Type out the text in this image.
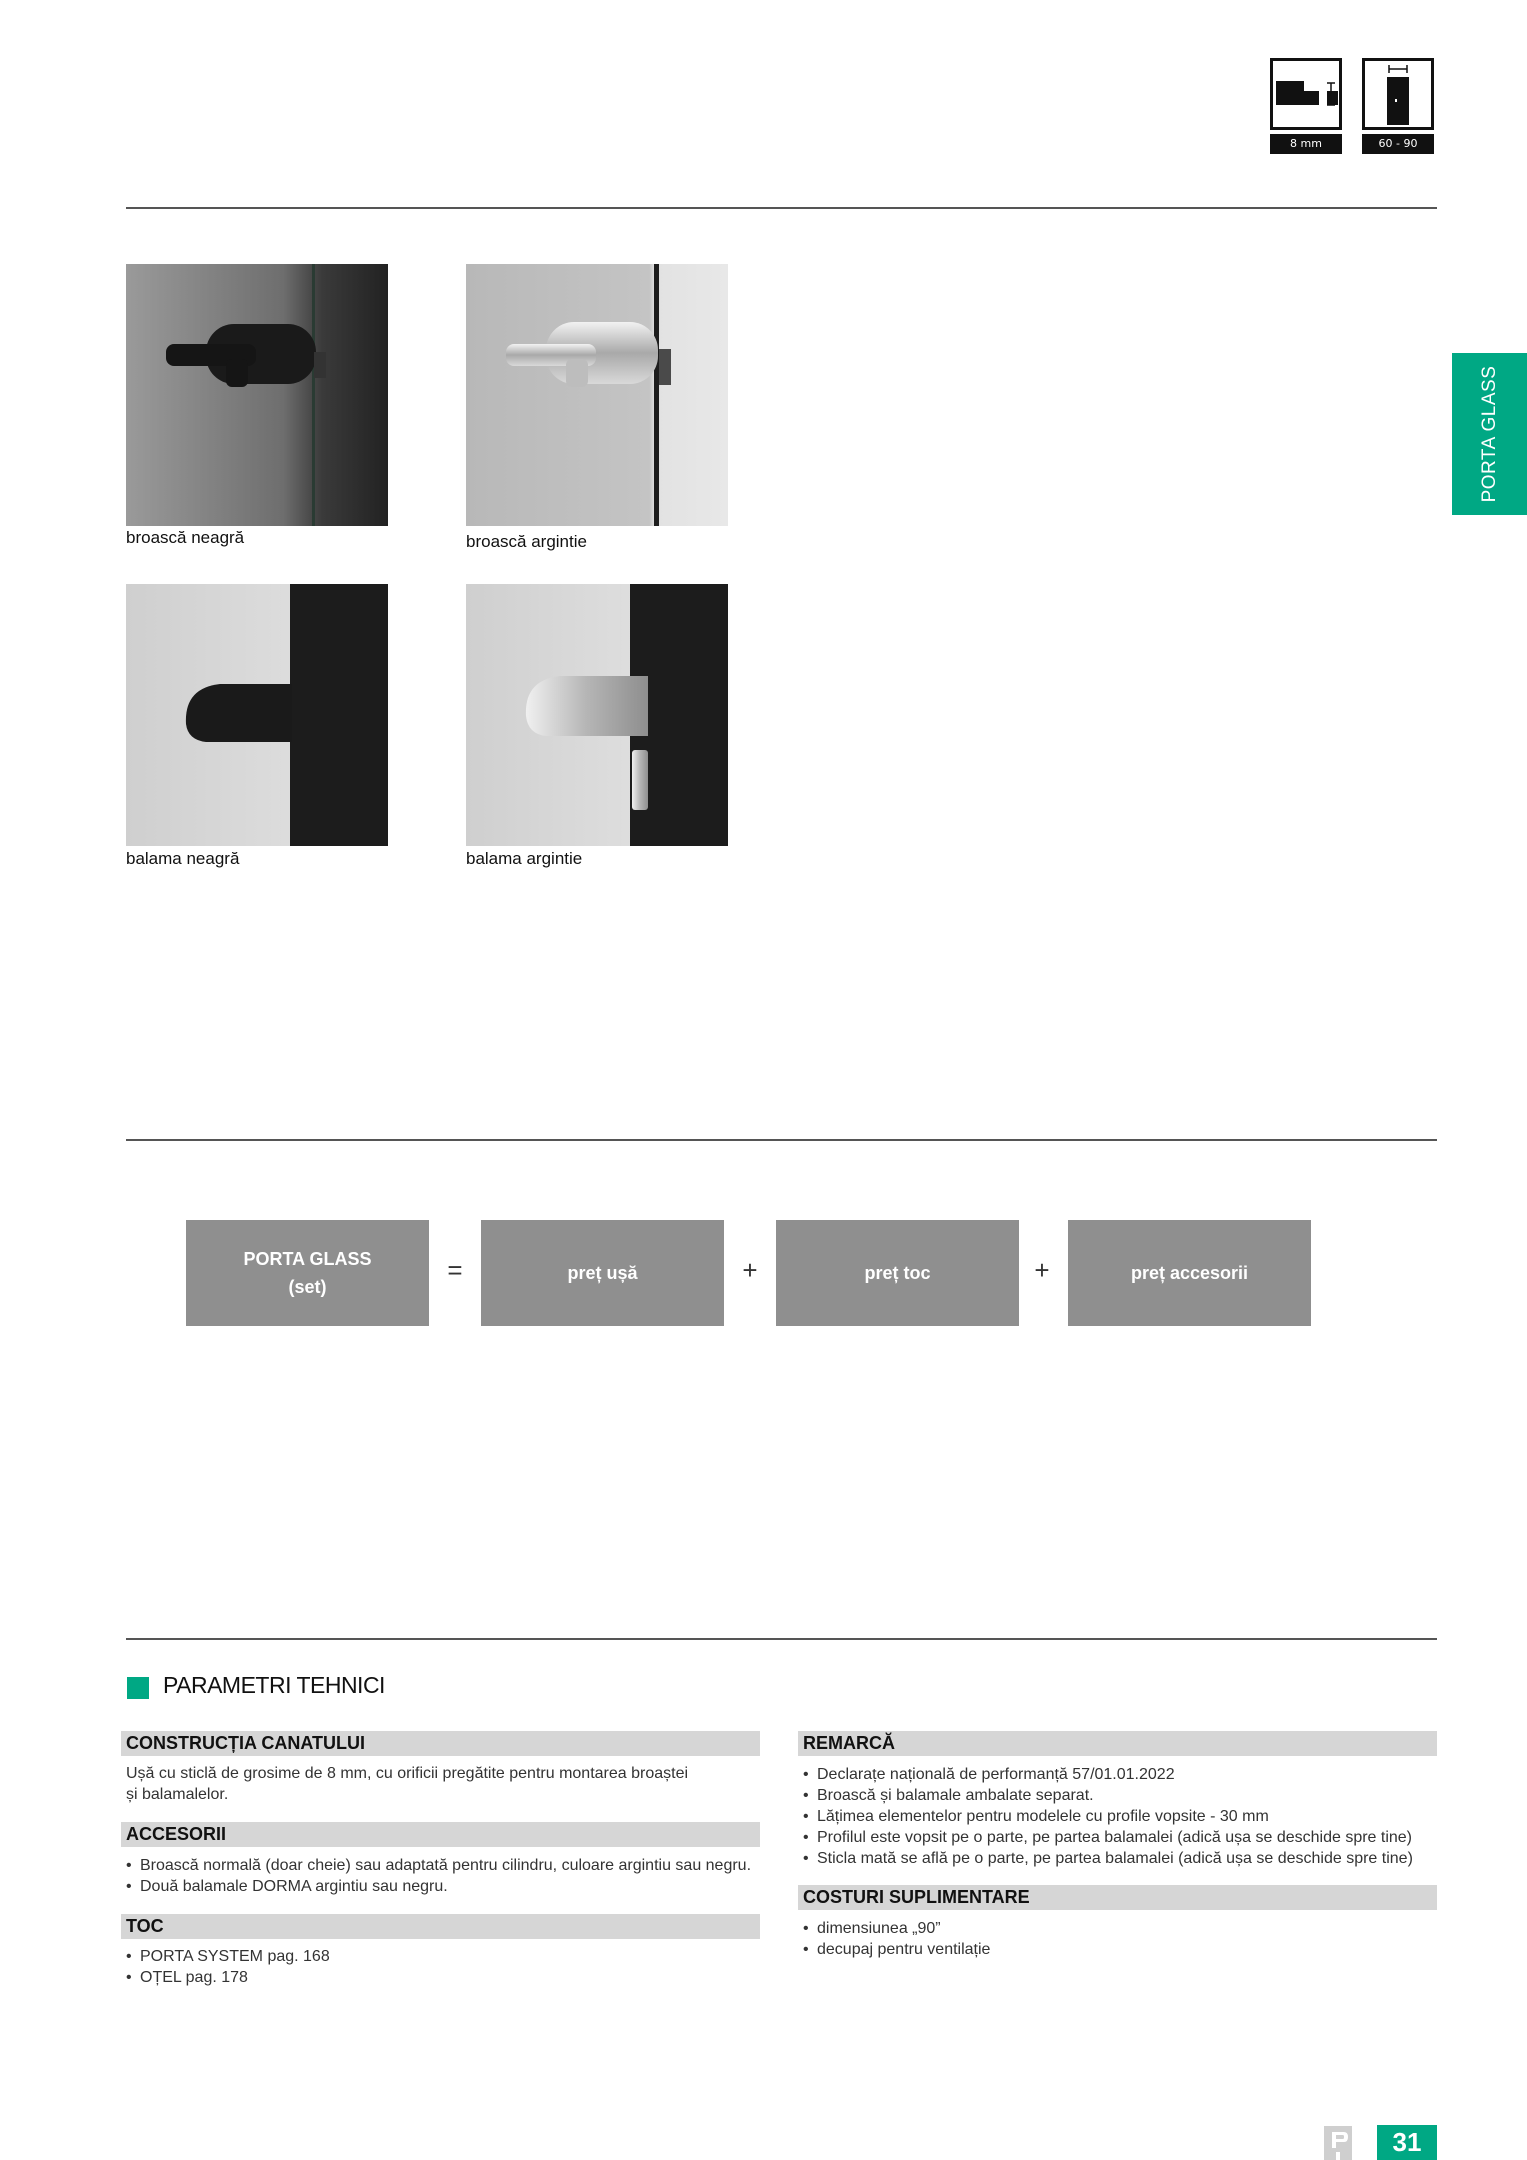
8 mm	60 - 90
PORTA GLASS
broască neagră	broască argintie
balama neagră	balama argintie
PORTA GLASS
(set)
=	preț ușă	+	preț toc	+	preț accesorii
PARAMETRI TEHNICI
CONSTRUCȚIA CANATULUI
Ușă cu sticlă de grosime de 8 mm, cu orificii pregătite pentru montarea broaștei
și balamalelor.
ACCESORII
• Broască normală (doar cheie) sau adaptată pentru cilindru, culoare argintiu sau negru.
• Două balamale DORMA argintiu sau negru.
TOC
• PORTA SYSTEM pag. 168
• OȚEL pag. 178
REMARCĂ
• Declarațe națională de performanță 57/01.01.2022
• Broască și balamale ambalate separat.
• Lățimea elementelor pentru modelele cu profile vopsite - 30 mm
• Profilul este vopsit pe o parte, pe partea balamalei (adică ușa se deschide spre tine)
• Sticla mată se află pe o parte, pe partea balamalei (adică ușa se deschide spre tine)
COSTURI SUPLIMENTARE
• dimensiunea „90”
• decupaj pentru ventilație
31
